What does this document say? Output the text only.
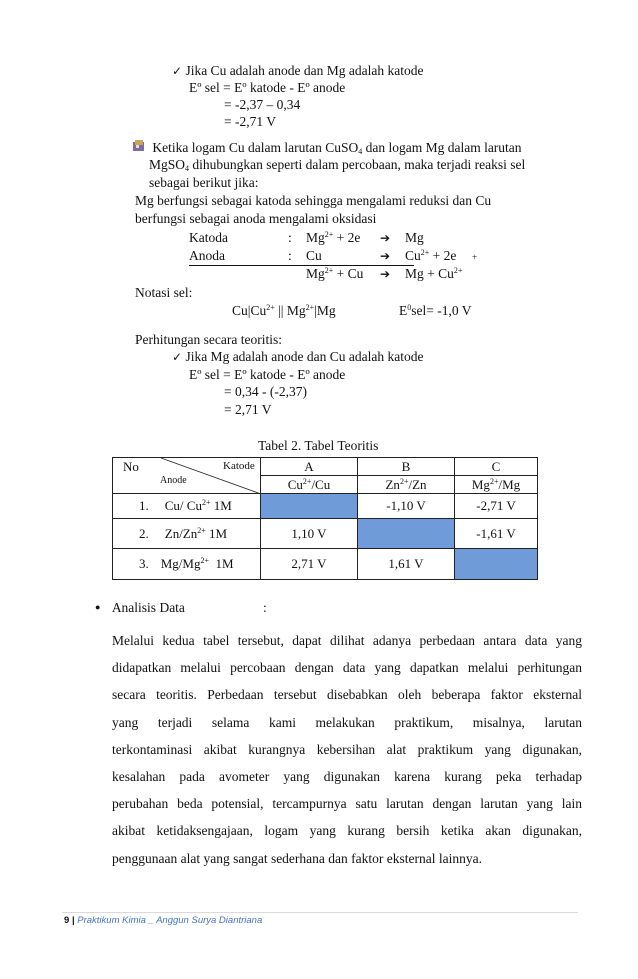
✓ Jika Cu adalah anode dan Mg adalah katode
Eº sel = Eº katode - Eº anode
= -2,37 – 0,34
= -2,71 V
Ketika logam Cu dalam larutan CuSO$_4$ dan logam Mg dalam larutan
MgSO$_4$ dihubungkan seperti dalam percobaan, maka terjadi reaksi sel
sebagai berikut jika:
Mg berfungsi sebagai katoda sehingga mengalami reduksi dan Cu
berfungsi sebagai anoda mengalami oksidasi
Katoda	: $Mg^{2+} + 2e$ ➔ Mg
Anoda	: Cu	➔ $Cu^{2+} + 2e$ +
$Mg^{2+} + Cu$ ➔ $Mg + Cu^{2+}$
Notasi sel:
$Cu|Cu^{2+}$ || $Mg^{2+}|Mg$	$E^0sel= -1,0$ V
Perhitungan secara teoritis:
✓ Jika Mg adalah anode dan Cu adalah katode
Eº sel = Eº katode - Eº anode
= 0,34 - (-2,37)
= 2,71 V
Tabel 2. Tabel Teoritis
No
Anode
Katode	A	B	C
	$Cu^{2+}/Cu$	$Zn^{2+}/Zn$	$Mg^{2+}/Mg$
1. Cu/ $Cu^{2+}$ 1M		-1,10 V	-2,71 V
2. $Zn/Zn^{2+}$ 1M	1,10 V		-1,61 V
3. $Mg/Mg^{2+}$  1M	2,71 V	1,61 V	
● Analisis Data	:
Melalui kedua tabel tersebut, dapat dilihat adanya perbedaan antara data yang
didapatkan melalui percobaan dengan data yang dapatkan melalui perhitungan
secara teoritis. Perbedaan tersebut disebabkan oleh beberapa faktor eksternal
yang terjadi selama kami melakukan praktikum, misalnya, larutan
terkontaminasi akibat kurangnya kebersihan alat praktikum yang digunakan,
kesalahan pada avometer yang digunakan karena kurang peka terhadap
perubahan beda potensial, tercampurnya satu larutan dengan larutan yang lain
akibat ketidaksengajaan, logam yang kurang bersih ketika akan digunakan,
penggunaan alat yang sangat sederhana dan faktor eksternal lainnya.
9 | Praktikum Kimia _ Anggun Surya Diantriana
